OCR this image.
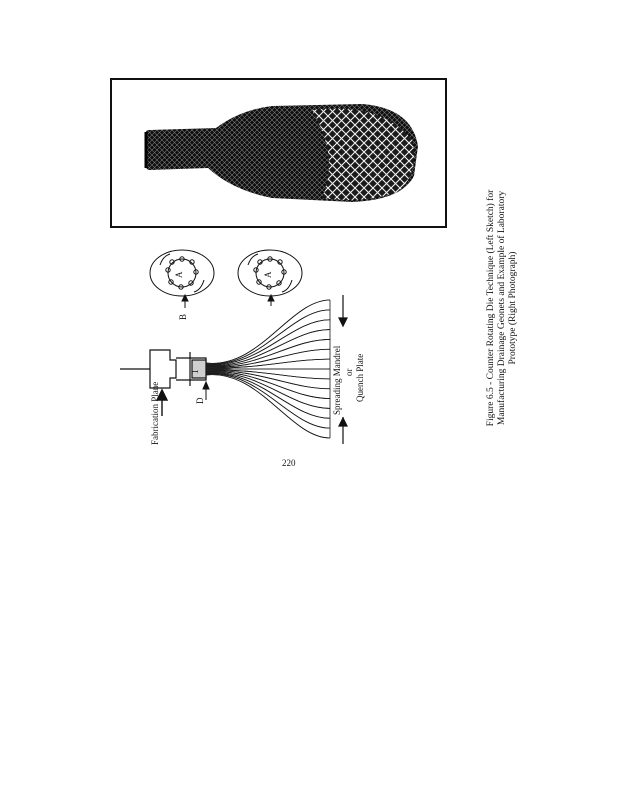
Fabrication Plane	D
B
1
A	A
Spreading Mandrel or Quench Plate	Figure 6.5 - Counter Rotating Die Technique (Left Sketch) for Manufacturing Drainage Geonets and Example of Laboratory Prototype (Right Photograph)
220
